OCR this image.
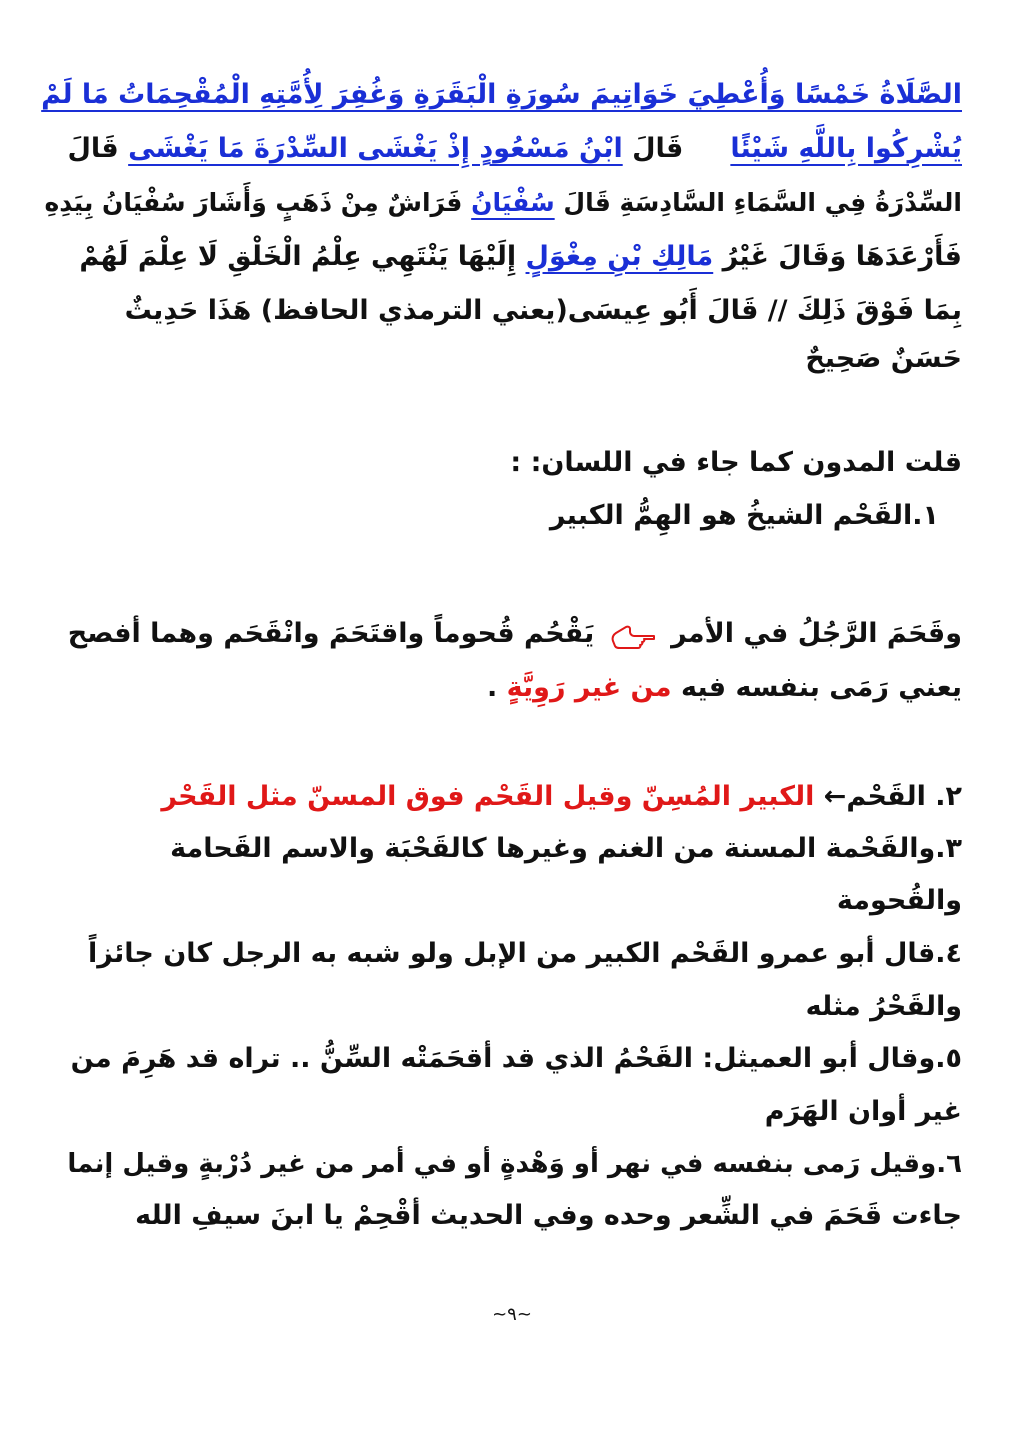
الصَّلَاةُ خَمْسًا وَأُعْطِيَ خَوَاتِيمَ سُورَةِ الْبَقَرَةِ وَغُفِرَ لِأُمَّتِهِ الْمُقْحِمَاتُ مَا لَمْ
يُشْرِكُوا بِاللَّهِ شَيْئًا     قَالَ ابْنُ مَسْعُودٍ إِذْ يَغْشَى السِّدْرَةَ مَا يَغْشَى قَالَ
السِّدْرَةُ فِي السَّمَاءِ السَّادِسَةِ قَالَ سُفْيَانُ فَرَاشٌ مِنْ ذَهَبٍ وَأَشَارَ سُفْيَانُ بِيَدِهِ
فَأَرْعَدَهَا وَقَالَ غَيْرُ مَالِكِ بْنِ مِغْوَلٍ إِلَيْهَا يَنْتَهِي عِلْمُ الْخَلْقِ لَا عِلْمَ لَهُمْ
بِمَا فَوْقَ ذَلِكَ // قَالَ أَبُو عِيسَى(يعني الترمذي الحافظ) هَذَا حَدِيثٌ
حَسَنٌ صَحِيحٌ
قلت المدون كما جاء في اللسان: :
١.القَحْم الشيخُ هو الهِمُّ الكبير
وقَحَمَ الرَّجُلُ في الأمر  يَقْحُم قُحوماً واقتَحَمَ وانْقَحَم وهما أفصح
يعني رَمَى بنفسه فيه من غير رَوِيَّةٍ .
٢. القَحْم← الكبير المُسِنّ وقيل القَحْم فوق المسنّ مثل القَحْر
٣.والقَحْمة المسنة من الغنم وغيرها كالقَحْبَة والاسم القَحامة
والقُحومة
٤.قال أبو عمرو القَحْم الكبير من الإبل ولو شبه به الرجل كان جائزاً
والقَحْرُ مثله
٥.وقال أبو العميثل: القَحْمُ الذي قد أقحَمَتْه السِّنُّ .. تراه قد هَرِمَ من
غير أوان الهَرَم
٦.وقيل رَمى بنفسه في نهر أو وَهْدةٍ أو في أمر من غير دُرْبةٍ وقيل إنما
جاءت قَحَمَ في الشِّعر وحده وفي الحديث أقْحِمْ يا ابنَ سيفِ الله
~٩~
